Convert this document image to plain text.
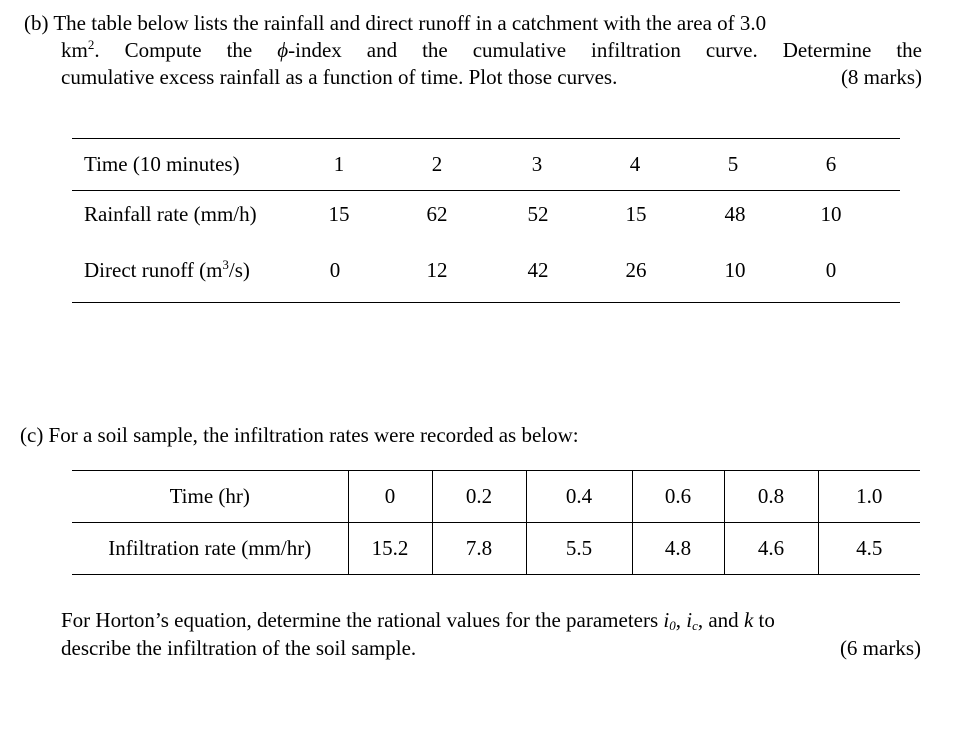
(b) The table below lists the rainfall and direct runoff in a catchment with the area of 3.0
$km^2$. Compute the ϕ-index and the cumulative infiltration curve. Determine the
cumulative excess rainfall as a function of time. Plot those curves.	(8 marks)
Time (10 minutes)	1	2	3	4	5	6
Rainfall rate (mm/h)	15	62	52	15	48	10
Direct runoff $(m^3/s)$	0	12	42	26	10	0
(c) For a soil sample, the infiltration rates were recorded as below:
Time (hr)	0	0.2	0.4	0.6	0.8	1.0
Infiltration rate (mm/hr)	15.2	7.8	5.5	4.8	4.6	4.5
For Horton’s equation, determine the rational values for the parameters $i_0$, $i_c$, and k to
describe the infiltration of the soil sample.	(6 marks)
